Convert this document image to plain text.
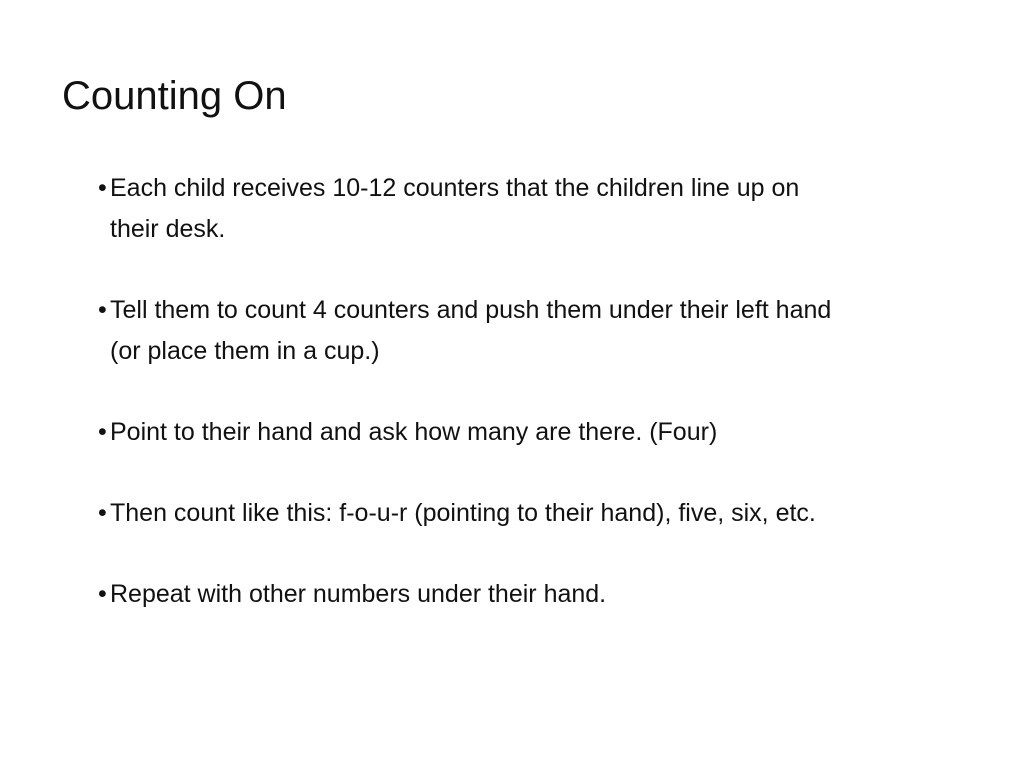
Counting On
• Each child receives 10-12 counters that the children line up on their desk.
• Tell them to count 4 counters and push them under their left hand (or place them in a cup.)
• Point to their hand and ask how many are there. (Four)
• Then count like this: f-o-u-r (pointing to their hand), five, six, etc.
• Repeat with other numbers under their hand.
